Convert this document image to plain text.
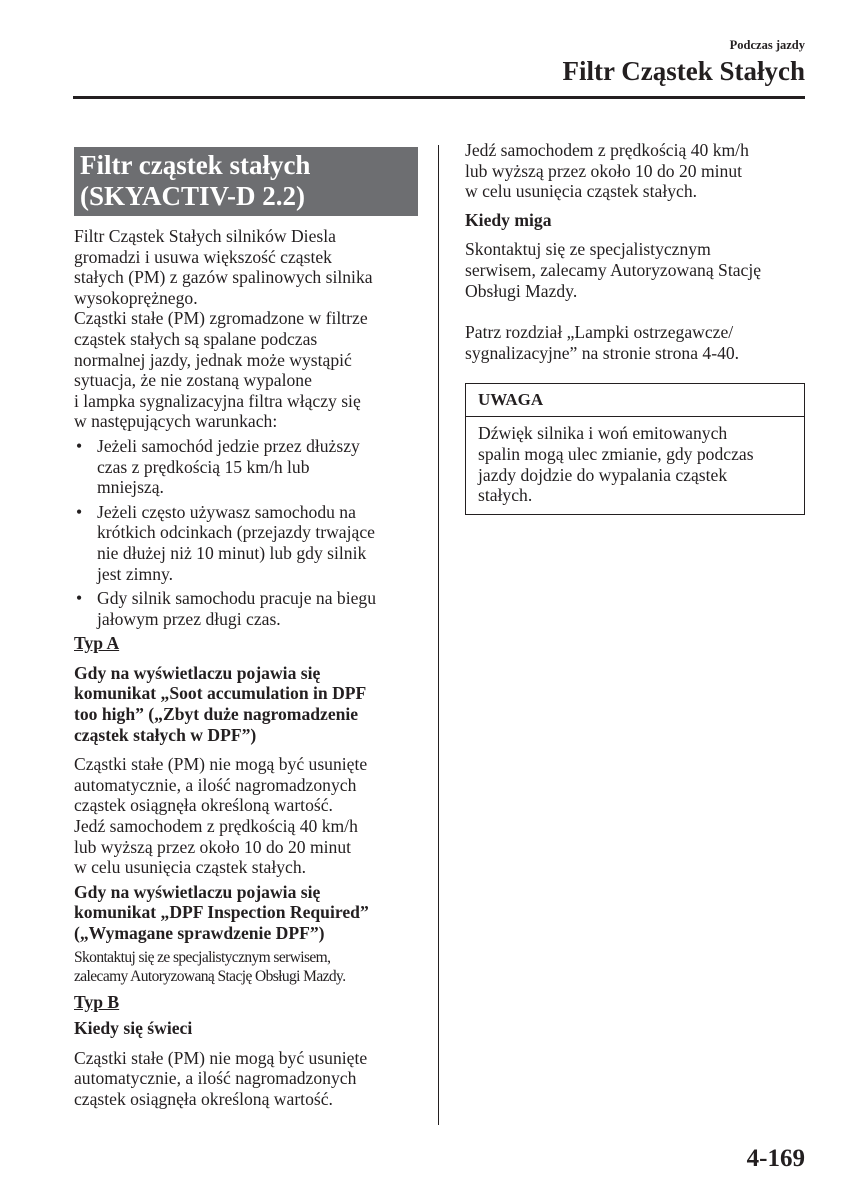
Podczas jazdy
Filtr Cząstek Stałych
Filtr cząstek stałych
(SKYACTIV-D 2.2)

Filtr Cząstek Stałych silników Diesla
gromadzi i usuwa większość cząstek
stałych (PM) z gazów spalinowych silnika
wysokoprężnego.
Cząstki stałe (PM) zgromadzone w filtrze
cząstek stałych są spalane podczas
normalnej jazdy, jednak może wystąpić
sytuacja, że nie zostaną wypalone
i lampka sygnalizacyjna filtra włączy się
w następujących warunkach:

• Jeżeli samochód jedzie przez dłuższy
czas z prędkością 15 km/h lub
mniejszą.
• Jeżeli często używasz samochodu na
krótkich odcinkach (przejazdy trwające
nie dłużej niż 10 minut) lub gdy silnik
jest zimny.
• Gdy silnik samochodu pracuje na biegu
jałowym przez długi czas.
Typ A
Gdy na wyświetlaczu pojawia się
komunikat „Soot accumulation in DPF
too high” („Zbyt duże nagromadzenie
cząstek stałych w DPF”)

Cząstki stałe (PM) nie mogą być usunięte
automatycznie, a ilość nagromadzonych
cząstek osiągnęła określoną wartość.
Jedź samochodem z prędkością 40 km/h
lub wyższą przez około 10 do 20 minut
w celu usunięcia cząstek stałych.

Gdy na wyświetlaczu pojawia się
komunikat „DPF Inspection Required”
(„Wymagane sprawdzenie DPF”)

Skontaktuj się ze specjalistycznym serwisem,
zalecamy Autoryzowaną Stację Obsługi Mazdy.

Typ B
Kiedy się świeci

Cząstki stałe (PM) nie mogą być usunięte
automatycznie, a ilość nagromadzonych
cząstek osiągnęła określoną wartość.

Jedź samochodem z prędkością 40 km/h
lub wyższą przez około 10 do 20 minut
w celu usunięcia cząstek stałych.

Kiedy miga

Skontaktuj się ze specjalistycznym
serwisem, zalecamy Autoryzowaną Stację
Obsługi Mazdy.

Patrz rozdział „Lampki ostrzegawcze/
sygnalizacyjne” na stronie strona 4-40.

UWAGA
Dźwięk silnika i woń emitowanych
spalin mogą ulec zmianie, gdy podczas
jazdy dojdzie do wypalania cząstek
stałych.
4-169
